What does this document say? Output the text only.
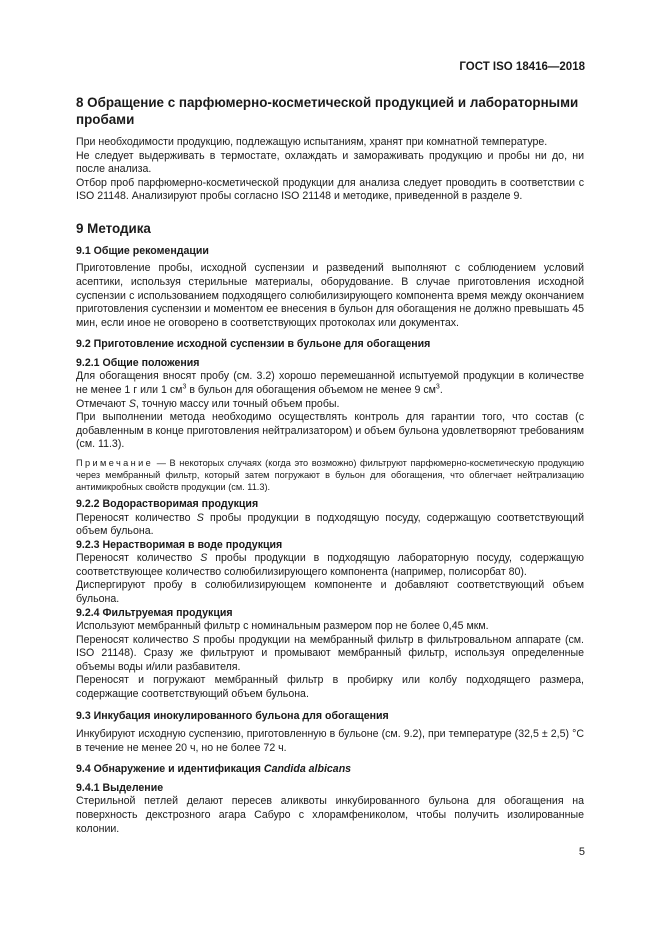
ГОСТ ISO 18416—2018
8 Обращение с парфюмерно-косметической продукцией и лабораторными пробами

При необходимости продукцию, подлежащую испытаниям, хранят при комнатной температуре.

Не следует выдерживать в термостате, охлаждать и замораживать продукцию и пробы ни до, ни после анализа.

Отбор проб парфюмерно-косметической продукции для анализа следует проводить в соответствии с ISO 21148. Анализируют пробы согласно ISO 21148 и методике, приведенной в разделе 9.

9 Методика
9.1 Общие рекомендации

Приготовление пробы, исходной суспензии и разведений выполняют с соблюдением условий асептики, используя стерильные материалы, оборудование. В случае приготовления исходной суспензии с использованием подходящего солюбилизирующего компонента время между окончанием приготовления суспензии и моментом ее внесения в бульон для обогащения не должно превышать 45 мин, если иное не оговорено в соответствующих протоколах или документах.

9.2 Приготовление исходной суспензии в бульоне для обогащения
9.2.1 Общие положения

Для обогащения вносят пробу (см. 3.2) хорошо перемешанной испытуемой продукции в количестве не менее 1 г или 1 $см^3$ в бульон для обогащения объемом не менее 9 $см^3$.

Отмечают S, точную массу или точный объем пробы.

При выполнении метода необходимо осуществлять контроль для гарантии того, что состав (с добавленным в конце приготовления нейтрализатором) и объем бульона удовлетворяют требованиям (см. 11.3).

Примечание — В некоторых случаях (когда это возможно) фильтруют парфюмерно-косметическую продукцию через мембранный фильтр, который затем погружают в бульон для обогащения, что облегчает нейтрализацию антимикробных свойств продукции (см. 11.3).

9.2.2 Водорастворимая продукция

Переносят количество S пробы продукции в подходящую посуду, содержащую соответствующий объем бульона.

9.2.3 Нерастворимая в воде продукция

Переносят количество S пробы продукции в подходящую лабораторную посуду, содержащую соответствующее количество солюбилизирующего компонента (например, полисорбат 80).

Диспергируют пробу в солюбилизирующем компоненте и добавляют соответствующий объем бульона.

9.2.4 Фильтруемая продукция

Используют мембранный фильтр с номинальным размером пор не более 0,45 мкм.

Переносят количество S пробы продукции на мембранный фильтр в фильтровальном аппарате (см. ISO 21148). Сразу же фильтруют и промывают мембранный фильтр, используя определенные объемы воды и/или разбавителя.

Переносят и погружают мембранный фильтр в пробирку или колбу подходящего размера, содержащие соответствующий объем бульона.

9.3 Инкубация инокулированного бульона для обогащения

Инкубируют исходную суспензию, приготовленную в бульоне (см. 9.2), при температуре (32,5 ± 2,5) °С в течение не менее 20 ч, но не более 72 ч.

9.4 Обнаружение и идентификация Candida albicans
9.4.1 Выделение

Стерильной петлей делают пересев аликвоты инкубированного бульона для обогащения на поверхность декстрозного агара Сабуро с хлорамфениколом, чтобы получить изолированные колонии.

5
